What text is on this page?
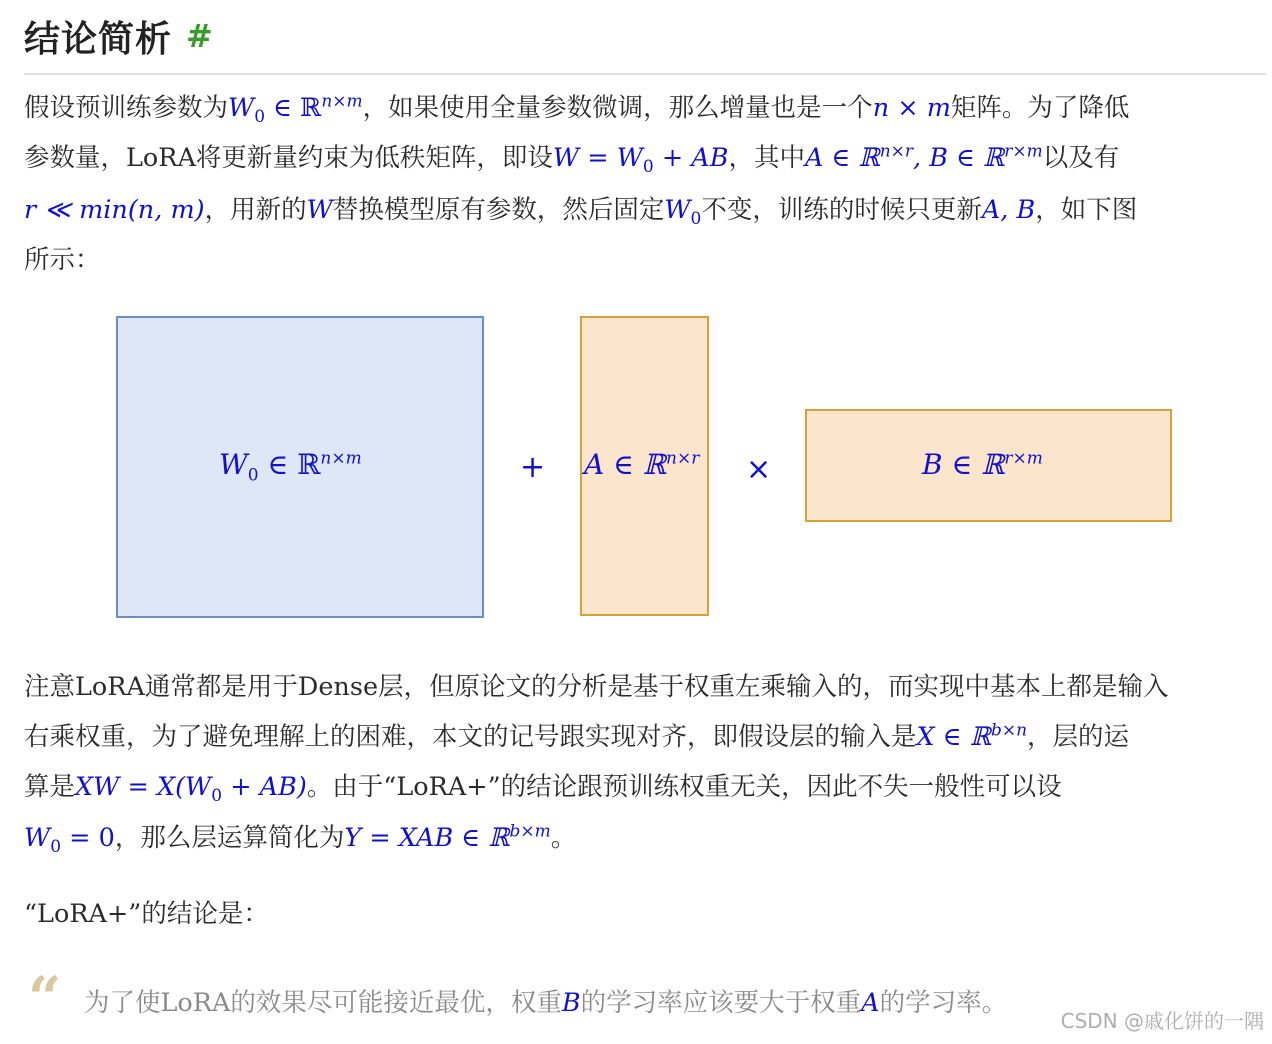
结论简析 #
假设预训练参数为$W_0$ ∈ ℝ$^{n\times m}$，如果使用全量参数微调，那么增量也是一个n × m矩阵。为了降低
参数量，LoRA将更新量约束为低秩矩阵，即设$W = W_0$ + AB，其中A ∈ ℝ$^{n\times r}$, B ∈ ℝ$^{r\times m}$以及有
r ≪ min(n, m)，用新的W替换模型原有参数，然后固定$W_0$不变，训练的时候只更新A, B，如下图
所示：
$W_0$ ∈ ℝ$^{n\times m}$	+ A ∈ ℝ$^{n\times r}$ ×	B ∈ ℝ$^{r\times m}$
注意LoRA通常都是用于Dense层，但原论文的分析是基于权重左乘输入的，而实现中基本上都是输入
右乘权重，为了避免理解上的困难，本文的记号跟实现对齐，即假设层的输入是X ∈ ℝ$^{b\times n}$，层的运
算是XW = $X(W_0 + AB)$。由于“LoRA+”的结论跟预训练权重无关，因此不失一般性可以设
$W_0 = 0$，那么层运算简化为Y = XAB ∈ ℝ$^{b\times m}$。
“LoRA+”的结论是：
“ 为了使LoRA的效果尽可能接近最优，权重B的学习率应该要大于权重A的学习率。
CSDN @戚化饼的一隅
